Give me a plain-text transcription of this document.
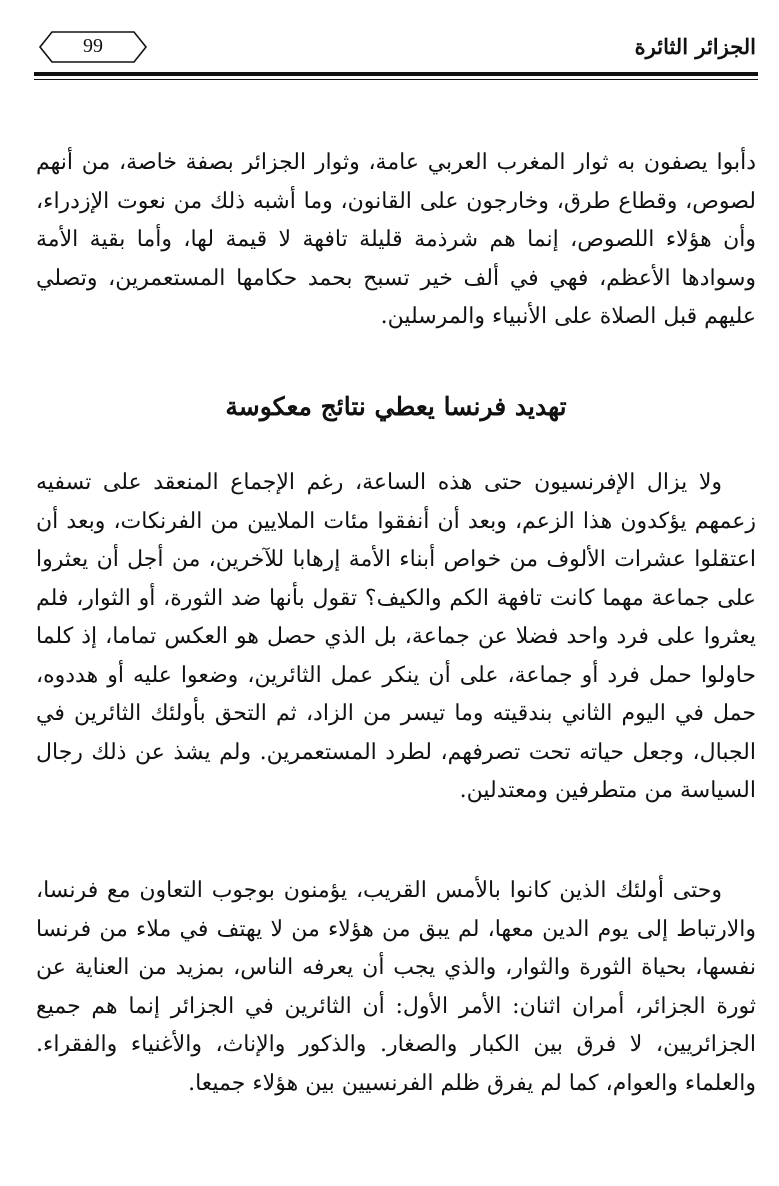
99	الجزائر الثائرة

دأبوا يصفون به ثوار المغرب العربي عامة، وثوار الجزائر بصفة خاصة، من أنهم لصوص، وقطاع طرق، وخارجون على القانون، وما أشبه ذلك من نعوت الإزدراء، وأن هؤلاء اللصوص، إنما هم شرذمة قليلة تافهة لا قيمة لها، وأما بقية الأمة وسوادها الأعظم، فهي في ألف خير تسبح بحمد حكامها المستعمرين، وتصلي عليهم قبل الصلاة على الأنبياء والمرسلين.

تهديد فرنسا يعطي نتائج معكوسة

ولا يزال الإفرنسيون حتى هذه الساعة، رغم الإجماع المنعقد على تسفيه زعمهم يؤكدون هذا الزعم، وبعد أن أنفقوا مئات الملايين من الفرنكات، وبعد أن اعتقلوا عشرات الألوف من خواص أبناء الأمة إرهابا للآخرين، من أجل أن يعثروا على جماعة مهما كانت تافهة الكم والكيف؟ تقول بأنها ضد الثورة، أو الثوار، فلم يعثروا على فرد واحد فضلا عن جماعة، بل الذي حصل هو العكس تماما، إذ كلما حاولوا حمل فرد أو جماعة، على أن ينكر عمل الثائرين، وضعوا عليه أو هددوه، حمل في اليوم الثاني بندقيته وما تيسر من الزاد، ثم التحق بأولئك الثائرين في الجبال، وجعل حياته تحت تصرفهم، لطرد المستعمرين. ولم يشذ عن ذلك رجال السياسة من متطرفين ومعتدلين.

وحتى أولئك الذين كانوا بالأمس القريب، يؤمنون بوجوب التعاون مع فرنسا، والارتباط إلى يوم الدين معها، لم يبق من هؤلاء من لا يهتف في ملاء من فرنسا نفسها، بحياة الثورة والثوار، والذي يجب أن يعرفه الناس، بمزيد من العناية عن ثورة الجزائر، أمران اثنان: الأمر الأول: أن الثائرين في الجزائر إنما هم جميع الجزائريين، لا فرق بين الكبار والصغار. والذكور والإناث، والأغنياء والفقراء. والعلماء والعوام، كما لم يفرق ظلم الفرنسيين بين هؤلاء جميعا.
